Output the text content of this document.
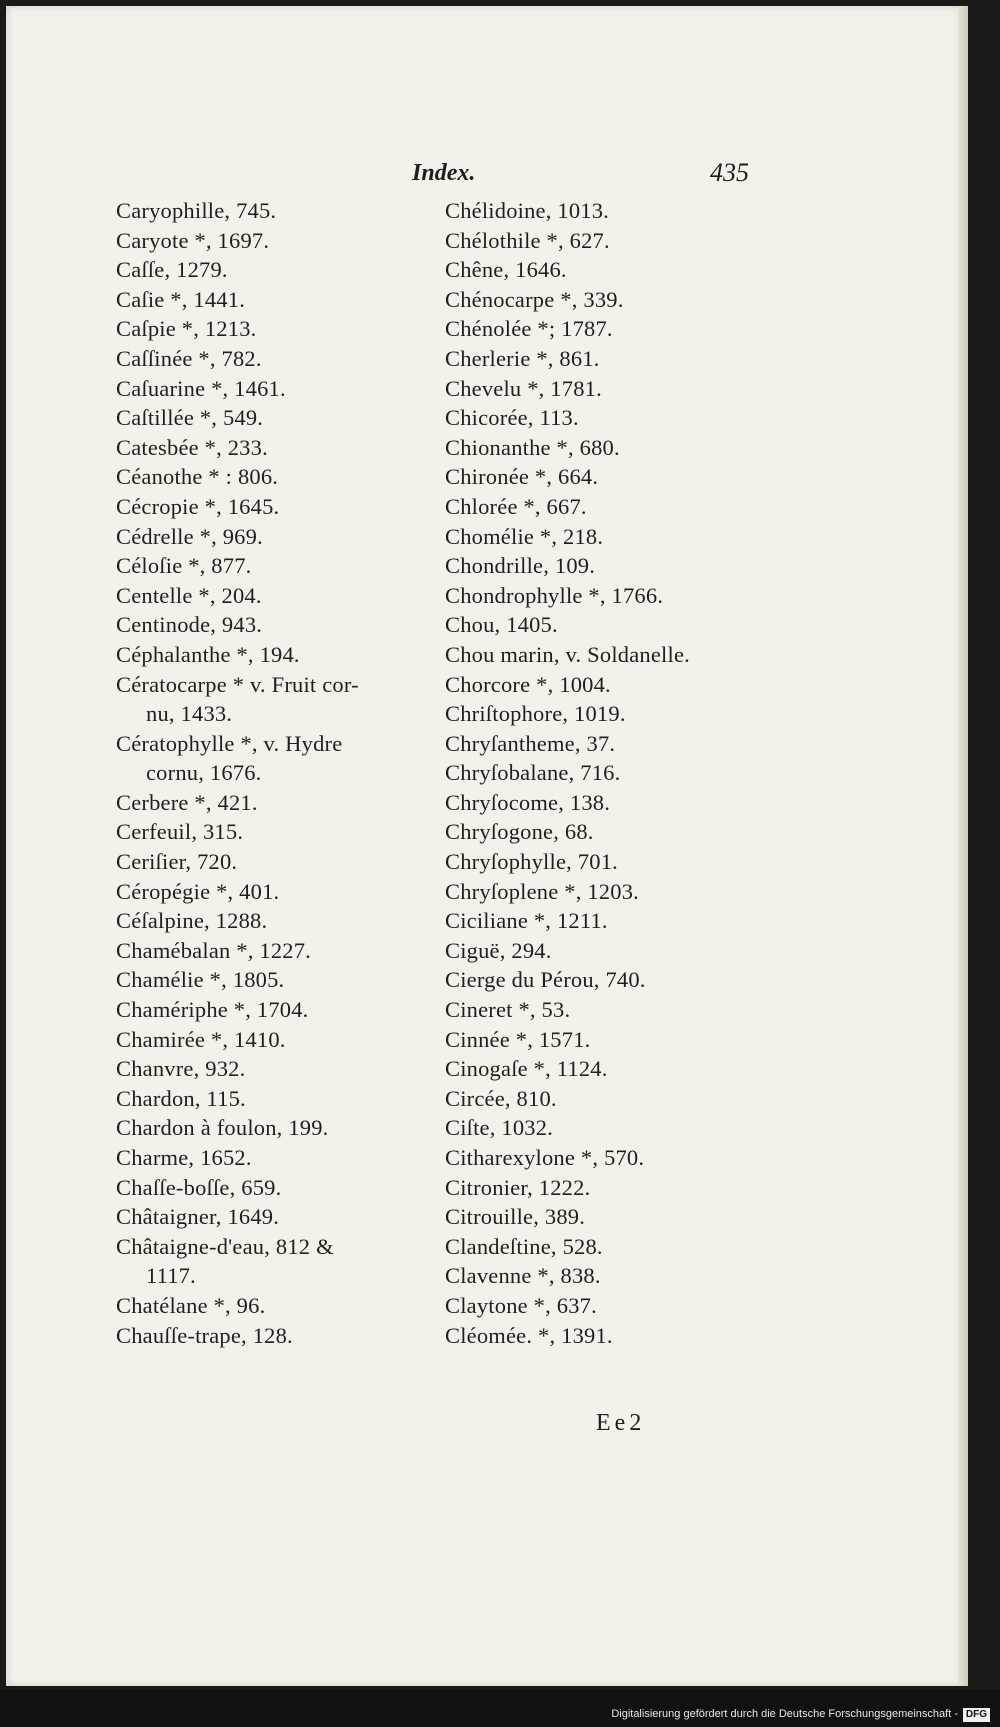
Index.	435
Caryophille, 745.
Caryote *, 1697.
Caſſe, 1279.
Caſie *, 1441.
Caſpie *, 1213.
Caſſinée *, 782.
Caſuarine *, 1461.
Caſtillée *, 549.
Catesbée *, 233.
Céanothe * : 806.
Cécropie *, 1645.
Cédrelle *, 969.
Céloſie *, 877.
Centelle *, 204.
Centinode, 943.
Céphalanthe *, 194.
Cératocarpe * v. Fruit cor-
nu, 1433.
Cératophylle *, v. Hydre
cornu, 1676.
Cerbere *, 421.
Cerfeuil, 315.
Ceriſier, 720.
Céropégie *, 401.
Céſalpine, 1288.
Chamébalan *, 1227.
Chamélie *, 1805.
Chamériphe *, 1704.
Chamirée *, 1410.
Chanvre, 932.
Chardon, 115.
Chardon à foulon, 199.
Charme, 1652.
Chaſſe-boſſe, 659.
Châtaigner, 1649.
Châtaigne-d'eau, 812 &
1117.
Chatélane *, 96.
Chauſſe-trape, 128.
Chélidoine, 1013.
Chélothile *, 627.
Chêne, 1646.
Chénocarpe *, 339.
Chénolée *; 1787.
Cherlerie *, 861.
Chevelu *, 1781.
Chicorée, 113.
Chionanthe *, 680.
Chironée *, 664.
Chlorée *, 667.
Chomélie *, 218.
Chondrille, 109.
Chondrophylle *, 1766.
Chou, 1405.
Chou marin, v. Soldanelle.
Chorcore *, 1004.
Chriſtophore, 1019.
Chryſantheme, 37.
Chryſobalane, 716.
Chryſocome, 138.
Chryſogone, 68.
Chryſophylle, 701.
Chryſoplene *, 1203.
Ciciliane *, 1211.
Ciguë, 294.
Cierge du Pérou, 740.
Cineret *, 53.
Cinnée *, 1571.
Cinogaſe *, 1124.
Circée, 810.
Ciſte, 1032.
Citharexylone *, 570.
Citronier, 1222.
Citrouille, 389.
Clandeſtine, 528.
Clavenne *, 838.
Claytone *, 637.
Cléomée. *, 1391.
Ee2
Digitalisierung gefördert durch die Deutsche Forschungsgemeinschaft - DFG
